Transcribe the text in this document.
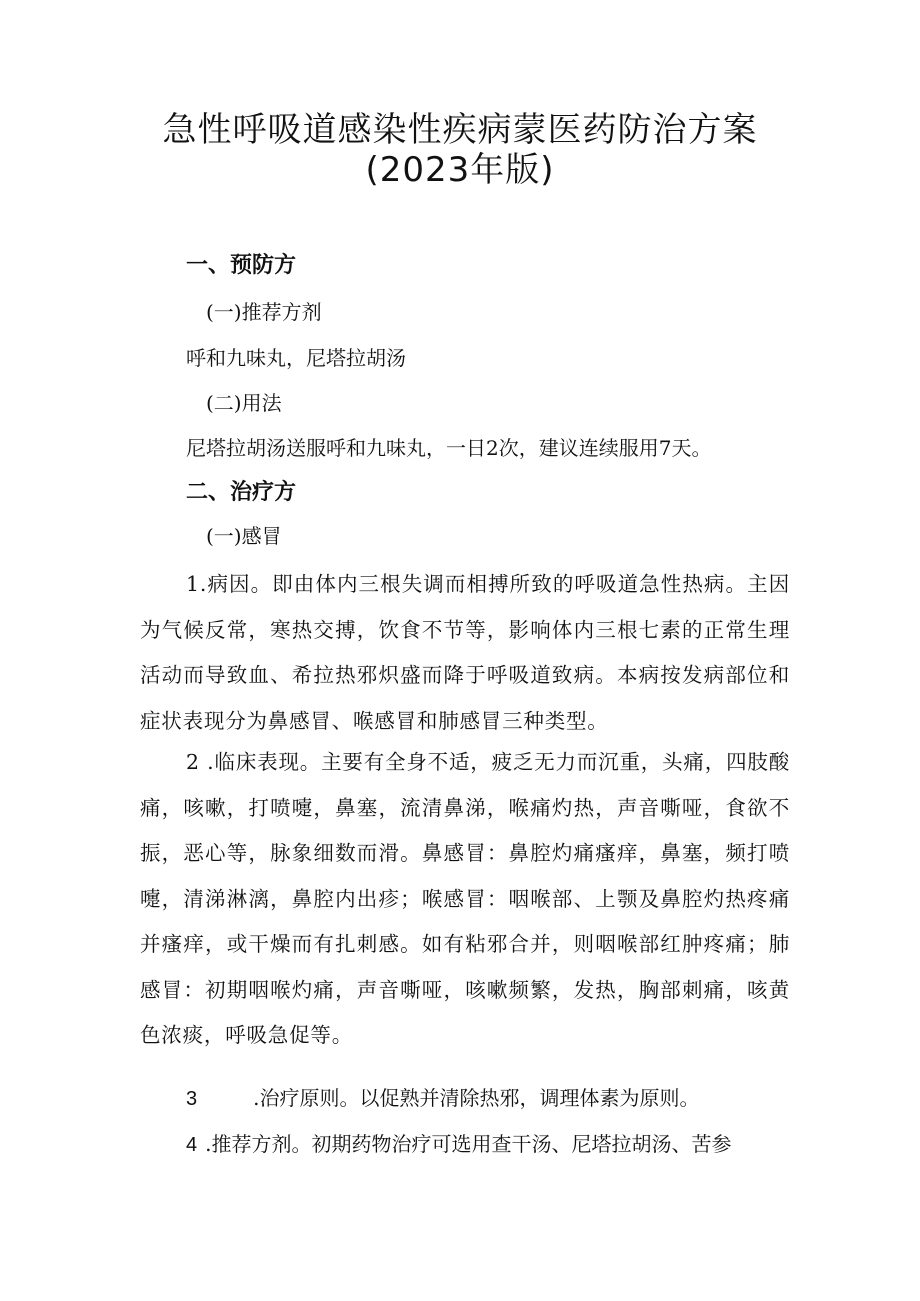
急性呼吸道感染性疾病蒙医药防治方案
(2023年版)
一、预防方
(一)推荐方剂
呼和九味丸，尼塔拉胡汤
(二)用法
尼塔拉胡汤送服呼和九味丸，一日2次，建议连续服用7天。
二、治疗方
(一)感冒
1.病因。即由体内三根失调而相搏所致的呼吸道急性热病。主因为气候反常，寒热交搏，饮食不节等，影响体内三根七素的正常生理活动而导致血、希拉热邪炽盛而降于呼吸道致病。本病按发病部位和症状表现分为鼻感冒、喉感冒和肺感冒三种类型。
2 .临床表现。主要有全身不适，疲乏无力而沉重，头痛，四肢酸痛，咳嗽，打喷嚏，鼻塞，流清鼻涕，喉痛灼热，声音嘶哑，食欲不振，恶心等，脉象细数而滑。鼻感冒：鼻腔灼痛瘙痒，鼻塞，频打喷嚏，清涕淋漓，鼻腔内出疹；喉感冒：咽喉部、上颚及鼻腔灼热疼痛并瘙痒，或干燥而有扎刺感。如有粘邪合并，则咽喉部红肿疼痛；肺感冒：初期咽喉灼痛，声音嘶哑，咳嗽频繁，发热，胸部刺痛，咳黄色浓痰，呼吸急促等。
3	.治疗原则。以促熟并清除热邪，调理体素为原则。
4 .推荐方剂。初期药物治疗可选用查干汤、尼塔拉胡汤、苦参
